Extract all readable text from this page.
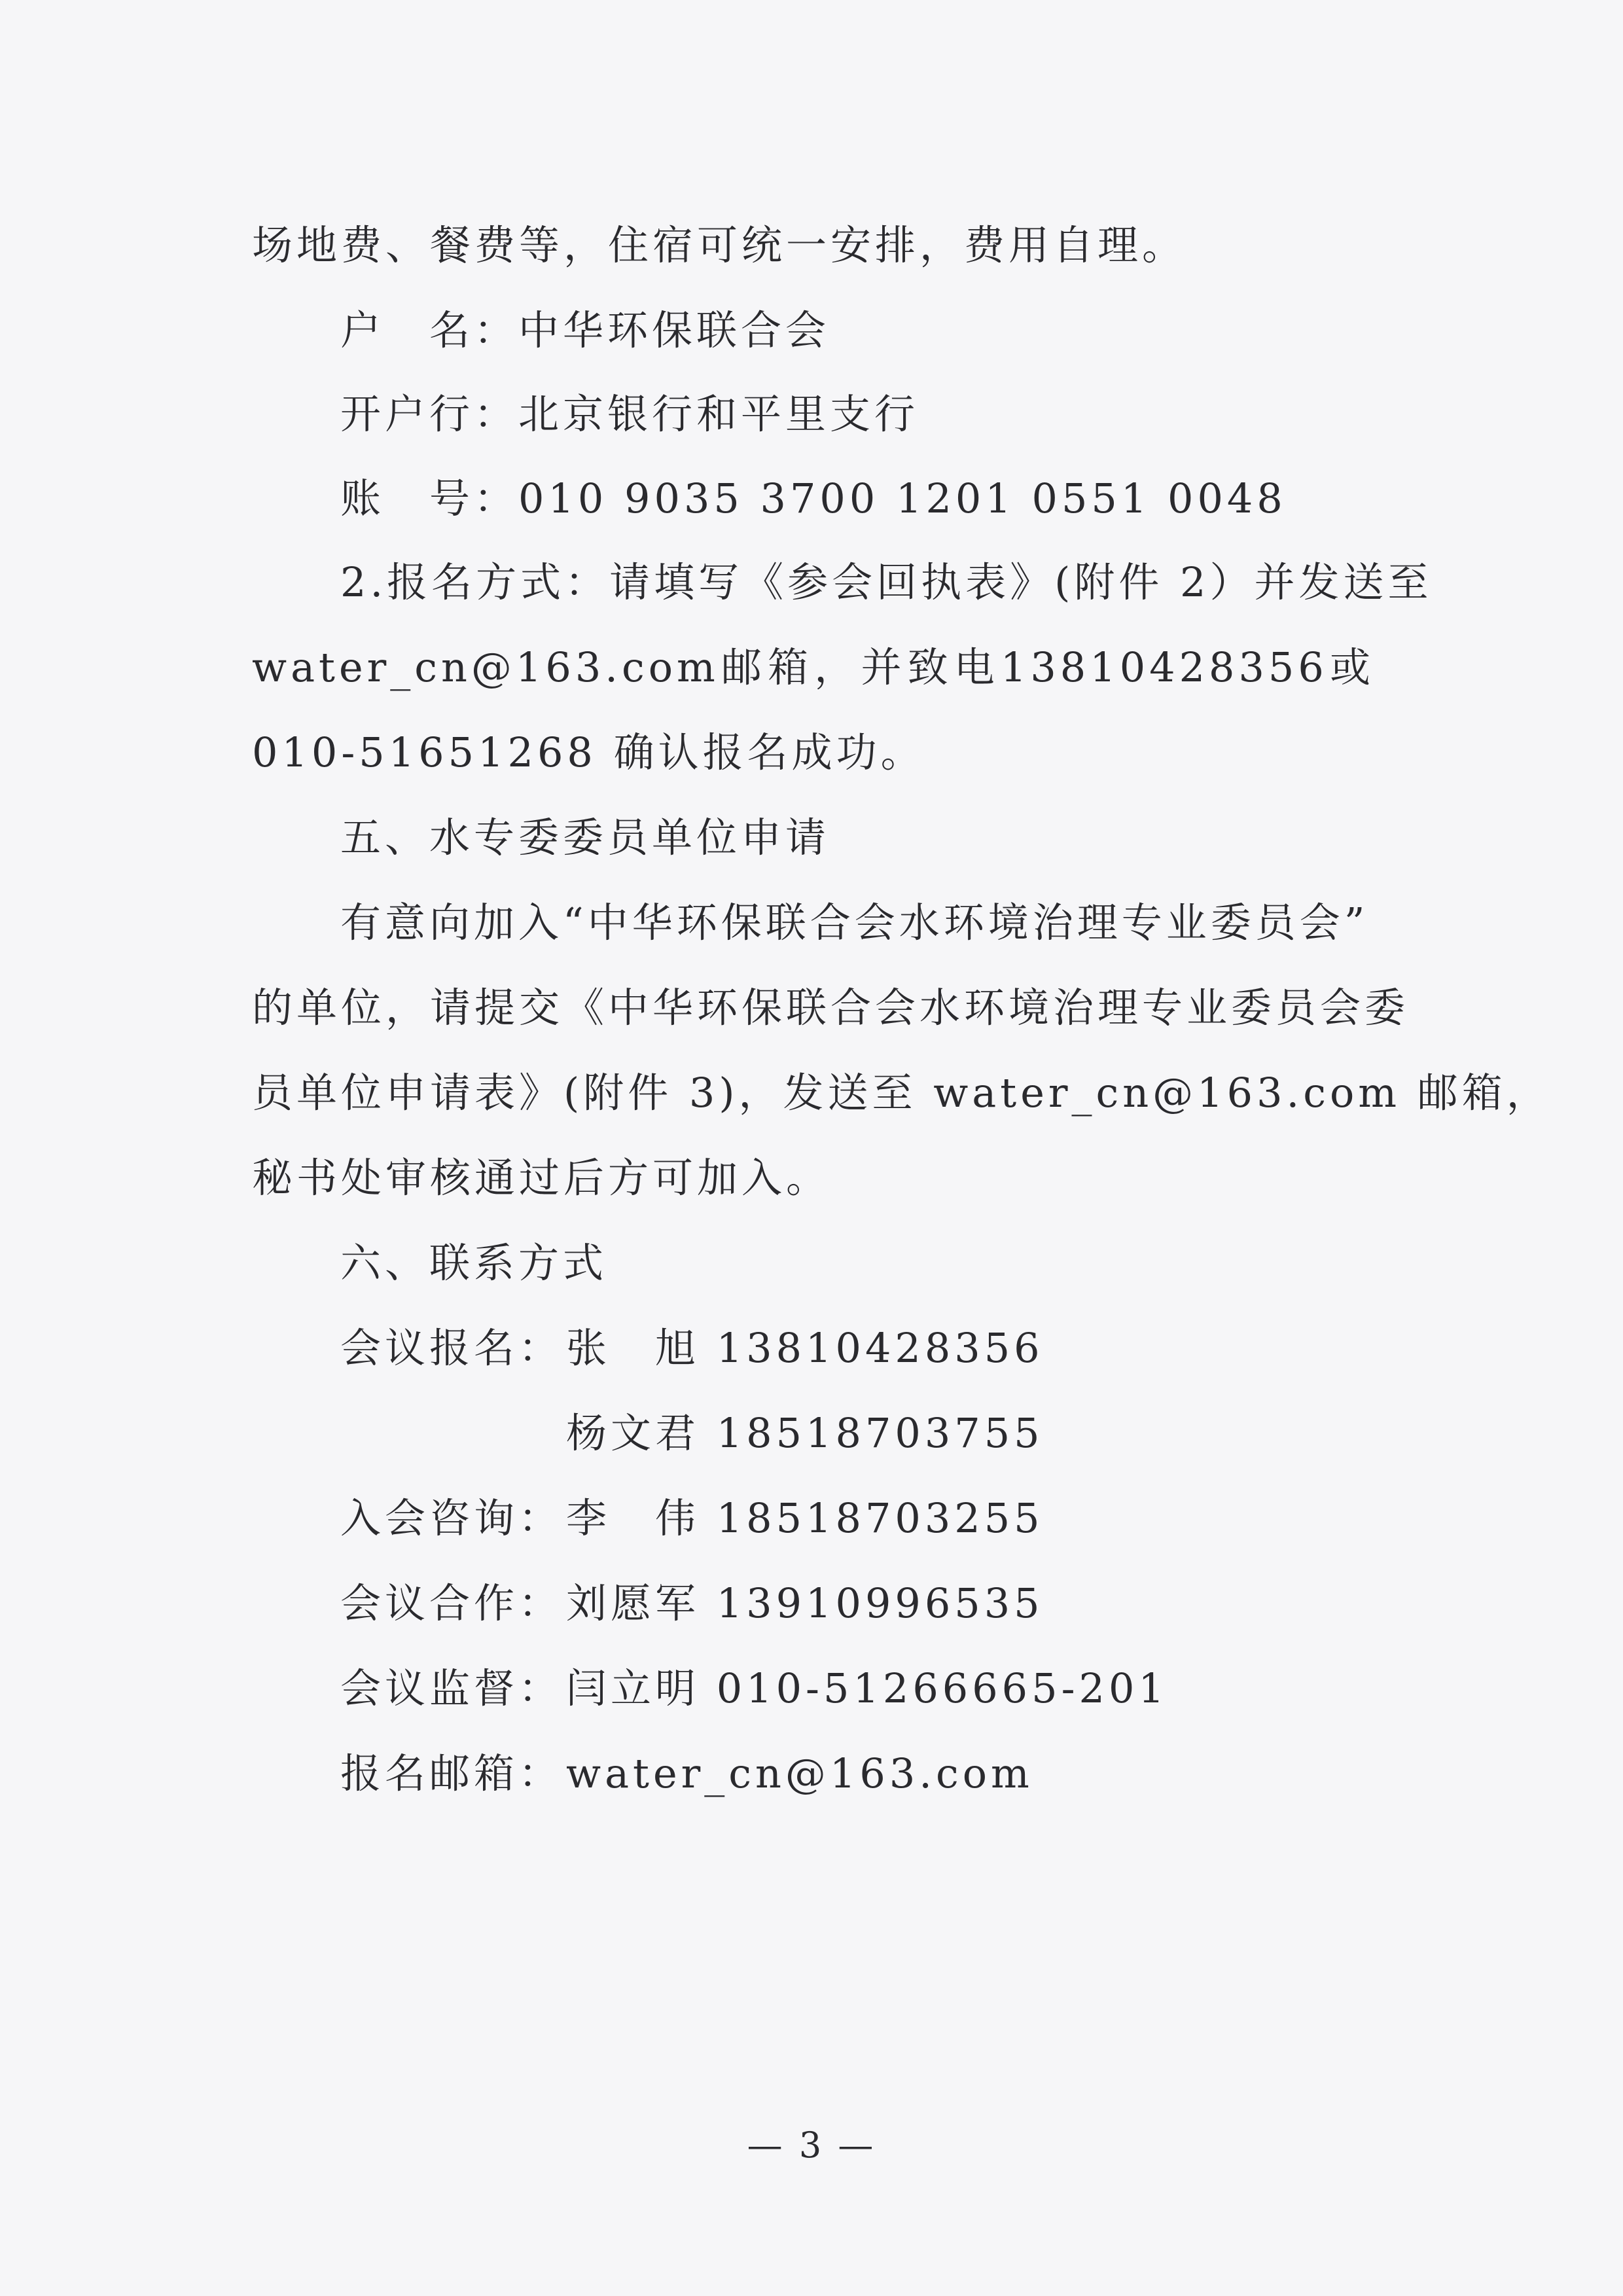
场地费、餐费等，住宿可统一安排，费用自理。
户　名：中华环保联合会
开户行：北京银行和平里支行
账　号：010 9035 3700 1201 0551 0048
2.报名方式：请填写《参会回执表》(附件 2）并发送至
water_cn@163.com 邮 箱 ， 并 致 电 13810428356 或
010-51651268 确认报名成功。
五、水专委委员单位申请
有意向加入“中华环保联合会水环境治理专业委员会”
的单位，请提交《中华环保联合会水环境治理专业委员会委
员单位申请表》(附件 3)，发送至 water_cn@163.com 邮箱，
秘书处审核通过后方可加入。
六、联系方式
会议报名： 张　旭 13810428356
杨文君 18518703755
入会咨询： 李　伟 18518703255
会议合作： 刘愿军 13910996535
会议监督： 闫立明 010-51266665-201
报名邮箱： water_cn@163.com
— 3 —
